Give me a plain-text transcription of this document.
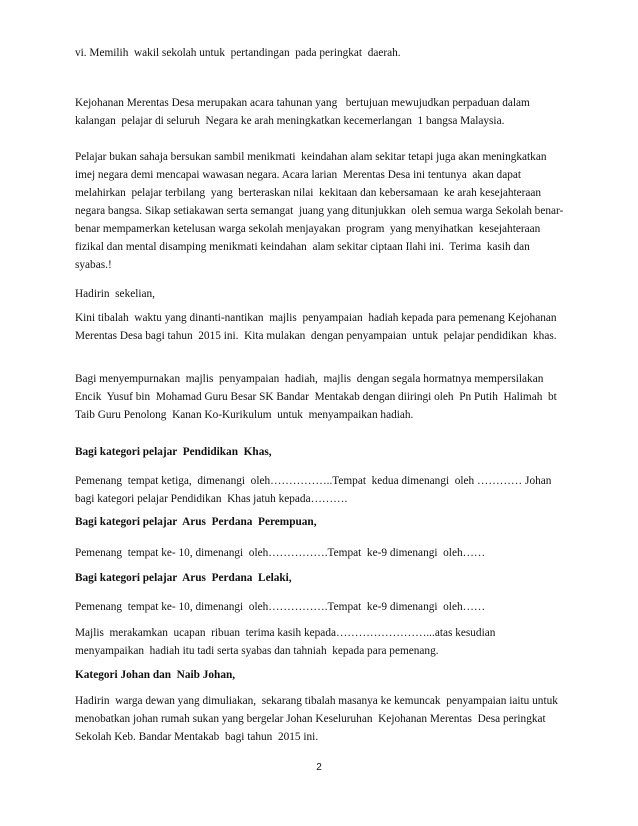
vi. Memilih  wakil sekolah untuk  pertandingan  pada peringkat  daerah.
Kejohanan Merentas Desa merupakan acara tahunan yang   bertujuan mewujudkan perpaduan dalam kalangan  pelajar di seluruh  Negara ke arah meningkatkan kecemerlangan  1 bangsa Malaysia.
Pelajar bukan sahaja bersukan sambil menikmati  keindahan alam sekitar tetapi juga akan meningkatkan imej negara demi mencapai wawasan negara. Acara larian  Merentas Desa ini tentunya  akan dapat melahirkan  pelajar terbilang  yang  berteraskan nilai  kekitaan dan kebersamaan  ke arah kesejahteraan  negara bangsa. Sikap setiakawan serta semangat  juang yang ditunjukkan  oleh semua warga Sekolah benar-benar mempamerkan ketelusan warga sekolah menjayakan  program  yang menyihatkan  kesejahteraan fizikal dan mental disamping menikmati keindahan  alam sekitar ciptaan Ilahi ini.  Terima  kasih dan syabas.!
Hadirin  sekelian,
Kini tibalah  waktu yang dinanti-nantikan  majlis  penyampaian  hadiah kepada para pemenang Kejohanan Merentas Desa bagi tahun  2015 ini.  Kita mulakan  dengan penyampaian  untuk  pelajar pendidikan  khas.
Bagi menyempurnakan  majlis  penyampaian  hadiah,  majlis  dengan segala hormatnya mempersilakan  Encik  Yusuf bin  Mohamad Guru Besar SK Bandar  Mentakab dengan diiringi oleh  Pn Putih  Halimah  bt Taib Guru Penolong  Kanan Ko-Kurikulum  untuk  menyampaikan hadiah.
Bagi kategori pelajar  Pendidikan  Khas,
Pemenang  tempat ketiga,  dimenangi  oleh……………..Tempat  kedua dimenangi  oleh ………… Johan bagi kategori pelajar Pendidikan  Khas jatuh kepada……….
Bagi kategori pelajar  Arus  Perdana  Perempuan,
Pemenang  tempat ke- 10, dimenangi  oleh…………….Tempat  ke-9 dimenangi  oleh……
Bagi kategori pelajar  Arus  Perdana  Lelaki,
Pemenang  tempat ke- 10, dimenangi  oleh…………….Tempat  ke-9 dimenangi  oleh……
Majlis  merakamkan  ucapan  ribuan  terima kasih kepada……………………...atas kesudian menyampaikan  hadiah itu tadi serta syabas dan tahniah  kepada para pemenang.
Kategori Johan dan  Naib Johan,
Hadirin  warga dewan yang dimuliakan,  sekarang tibalah masanya ke kemuncak  penyampaian iaitu untuk menobatkan johan rumah sukan yang bergelar Johan Keseluruhan  Kejohanan Merentas  Desa peringkat  Sekolah Keb. Bandar Mentakab  bagi tahun  2015 ini.
2
